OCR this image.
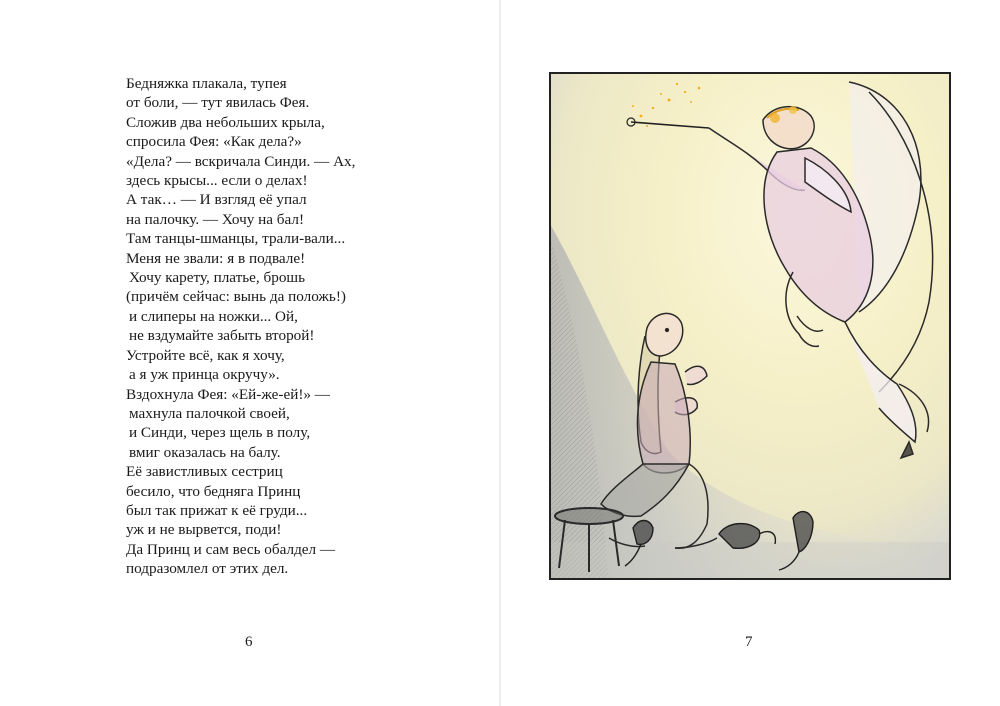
Бедняжка плакала, тупея
от боли, — тут явилась Фея.
Сложив два небольших крыла,
спросила Фея: «Как дела?»
«Дела? — вскричала Синди. — Ах,
здесь крысы... если о делах!
А так… — И взгляд её упал
на палочку. — Хочу на бал!
Там танцы-шманцы, трали-вали...
Меня не звали: я в подвале!
Хочу карету, платье, брошь
(причём сейчас: вынь да положь!)
и слиперы на ножки... Ой,
не вздумайте забыть второй!
Устройте всё, как я хочу,
а я уж принца окручу».
Вздохнула Фея: «Ей-же-ей!» —
махнула палочкой своей,
и Синди, через щель в полу,
вмиг оказалась на балу.
Её завистливых сестриц
бесило, что бедняга Принц
был так прижат к её груди...
уж и не вырвется, поди!
Да Принц и сам весь обалдел —
подразомлел от этих дел.
6	7
